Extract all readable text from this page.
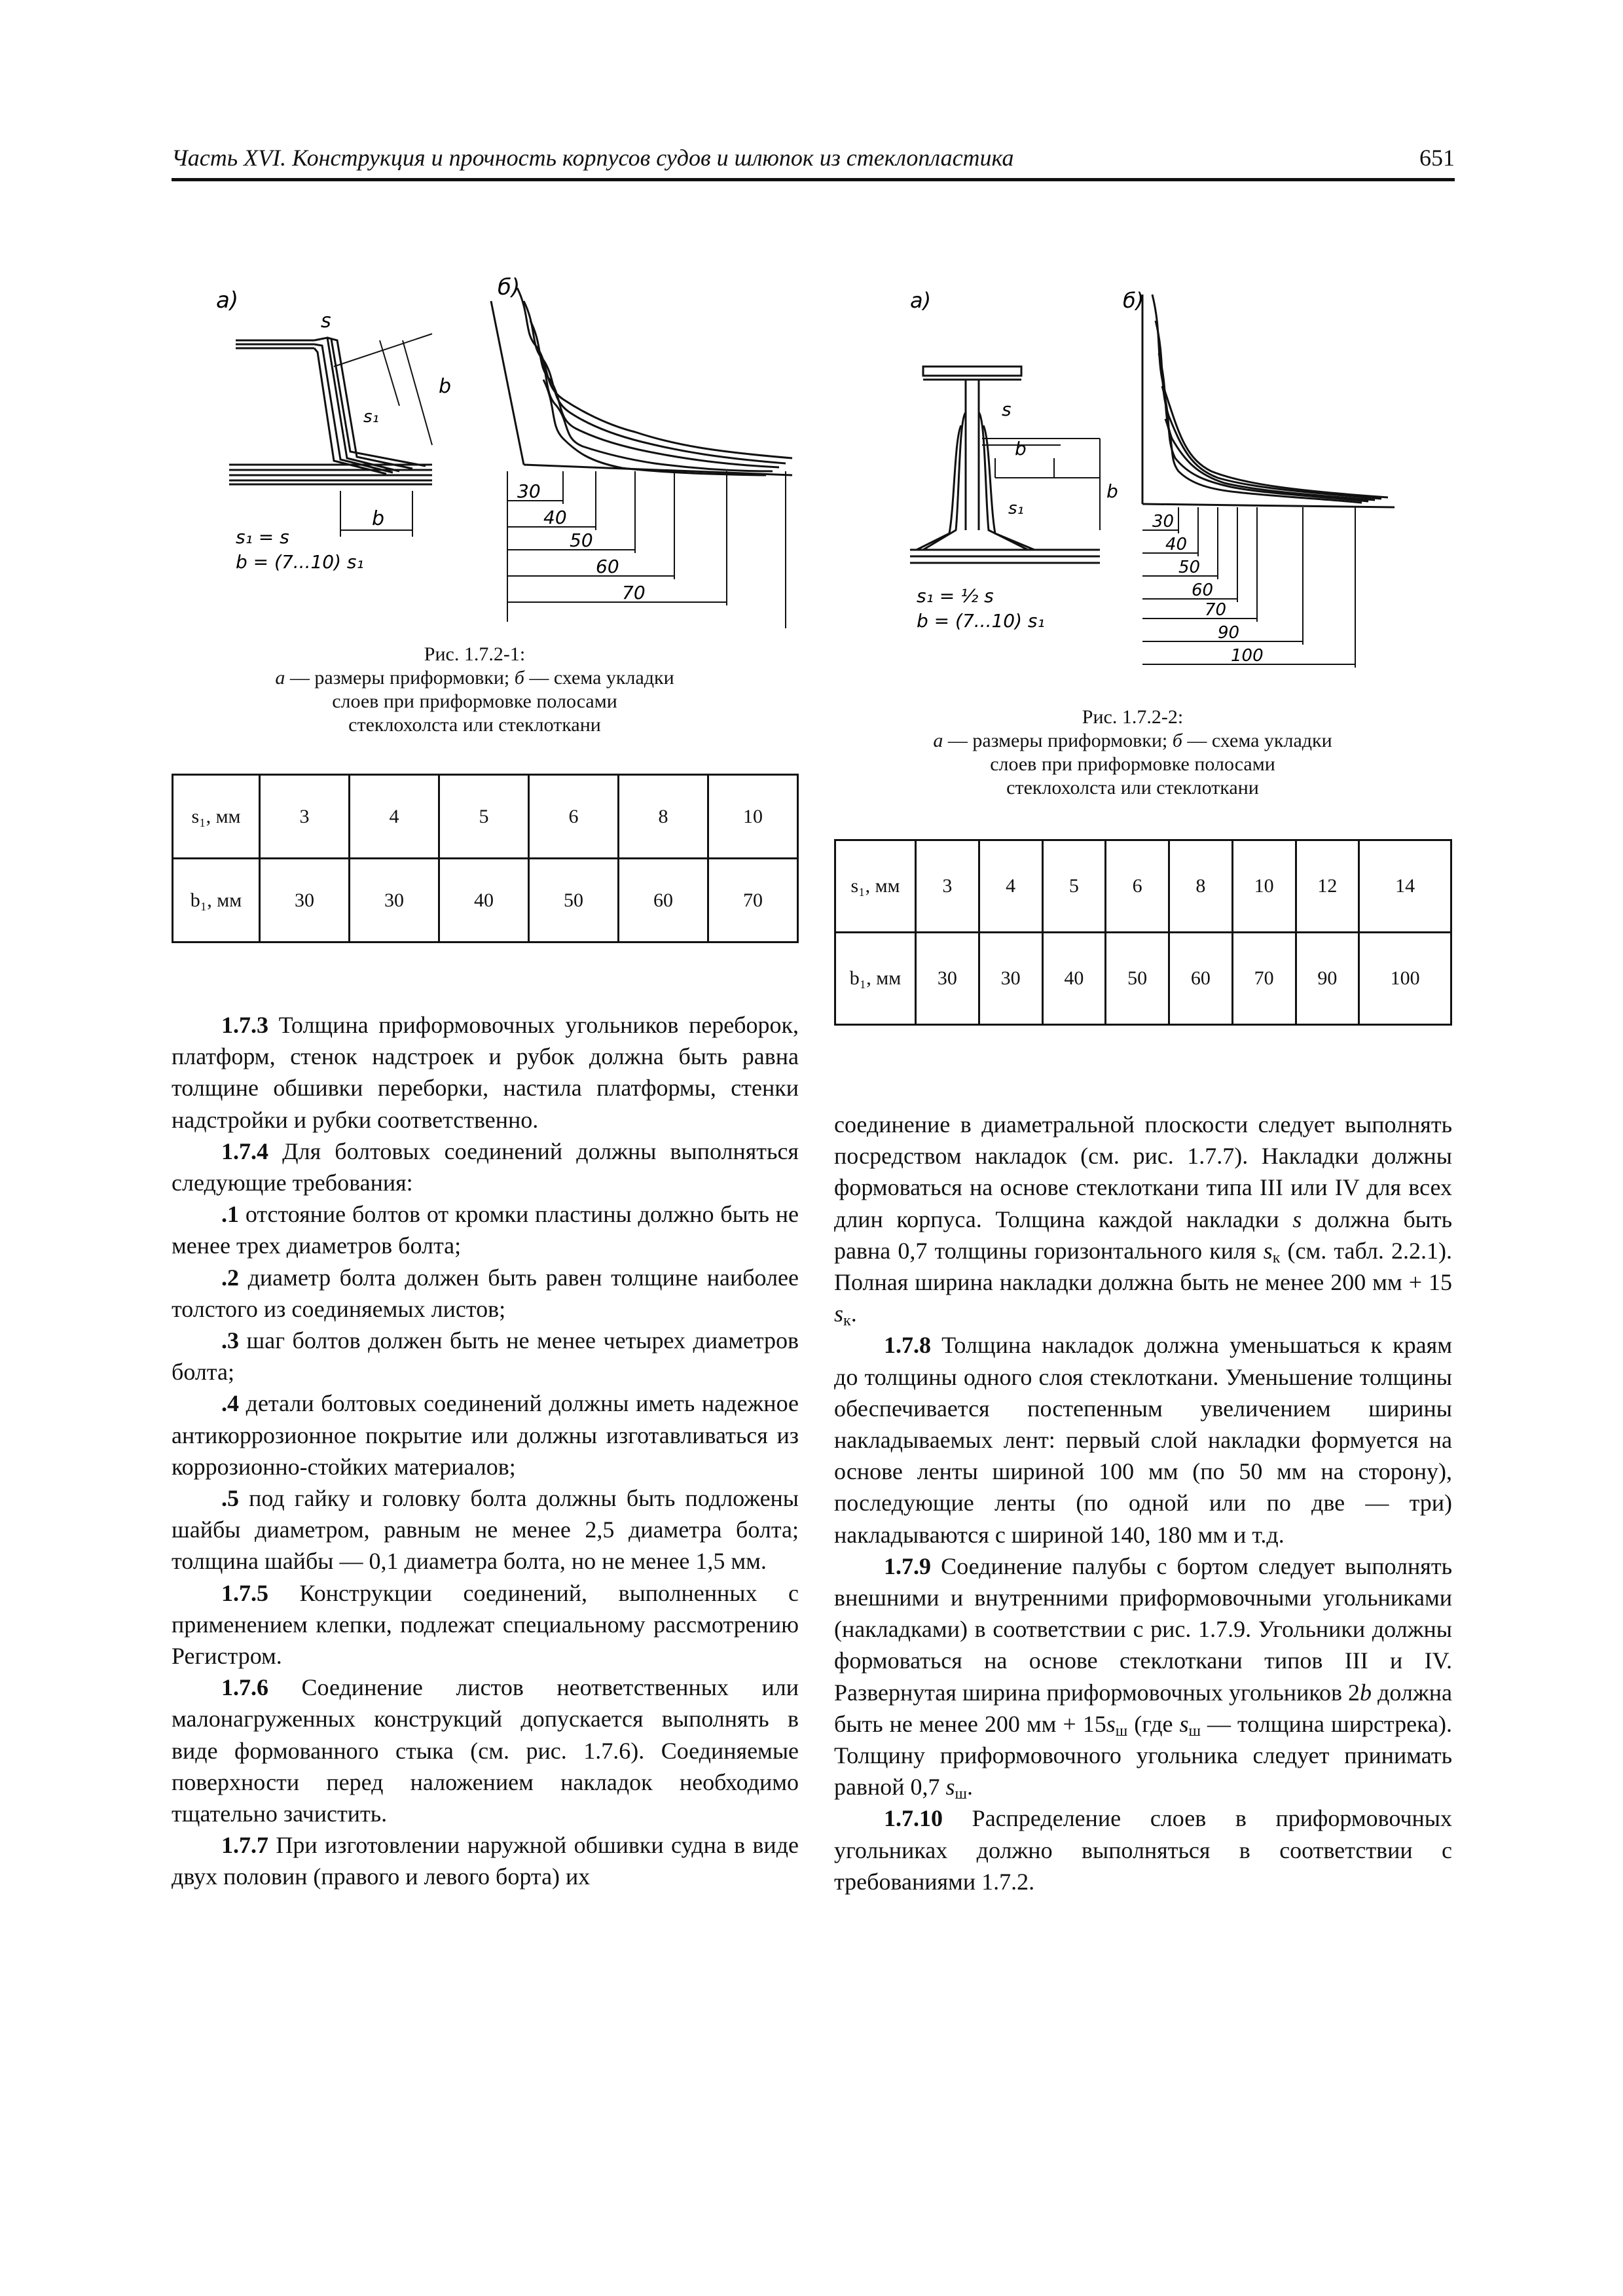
Часть XVI. Конструкция и прочность корпусов судов и шлюпок из стеклопластика	651
а)
s
b
s₁
b
s₁ = s
b = (7...10) s₁
б)
30
40
50
60
70
Рис. 1.7.2-1:
а — размеры приформовки; б — схема укладки
слоев при приформовке полосами
стеклохолста или стеклоткани
s₁, мм	3	4	5	6	8	10
b₁, мм	30	30	40	50	60	70
а)
s
b
b
s₁
s₁ = ½ s
b = (7...10) s₁
б)
30
40
50
60
70
90
100
Рис. 1.7.2-2:
а — размеры приформовки; б — схема укладки
слоев при приформовке полосами
стеклохолста или стеклоткани
s₁, мм	3	4	5	6	8	10	12	14
b₁, мм	30	30	40	50	60	70	90	100

1.7.3 Толщина приформовочных угольников переборок, платформ, стенок надстроек и рубок должна быть равна толщине обшивки переборки, настила платформы, стенки надстройки и рубки соответственно.

1.7.4 Для болтовых соединений должны выполняться следующие требования:

.1 отстояние болтов от кромки пластины должно быть не менее трех диаметров болта;

.2 диаметр болта должен быть равен толщине наиболее толстого из соединяемых листов;

.3 шаг болтов должен быть не менее четырех диаметров болта;

.4 детали болтовых соединений должны иметь надежное антикоррозионное покрытие или должны изготавливаться из коррозионно-стойких материалов;

.5 под гайку и головку болта должны быть подложены шайбы диаметром, равным не менее 2,5 диаметра болта; толщина шайбы — 0,1 диаметра болта, но не менее 1,5 мм.

1.7.5 Конструкции соединений, выполненных с применением клепки, подлежат специальному рассмотрению Регистром.

1.7.6 Соединение листов неответственных или малонагруженных конструкций допускается выполнять в виде формованного стыка (см. рис. 1.7.6). Соединяемые поверхности перед наложением накладок необходимо тщательно зачистить.

1.7.7 При изготовлении наружной обшивки судна в виде двух половин (правого и левого борта) их

соединение в диаметральной плоскости следует выполнять посредством накладок (см. рис. 1.7.7). Накладки должны формоваться на основе стеклоткани типа III или IV для всех длин корпуса. Толщина каждой накладки s должна быть равна 0,7 толщины горизонтального киля $s_к$ (см. табл. 2.2.1). Полная ширина накладки должна быть не менее 200 мм + 15 $s_к$.

1.7.8 Толщина накладок должна уменьшаться к краям до толщины одного слоя стеклоткани. Уменьшение толщины обеспечивается постепенным увеличением ширины накладываемых лент: первый слой накладки формуется на основе ленты шириной 100 мм (по 50 мм на сторону), последующие ленты (по одной или по две — три) накладываются с шириной 140, 180 мм и т.д.

1.7.9 Соединение палубы с бортом следует выполнять внешними и внутренними приформовочными угольниками (накладками) в соответствии с рис. 1.7.9. Угольники должны формоваться на основе стеклоткани типов III и IV. Развернутая ширина приформовочных угольников 2b должна быть не менее 200 мм + $15s_ш$ (где $s_ш$ — толщина ширстрека). Толщину приформовочного угольника следует принимать равной 0,7 $s_ш$.

1.7.10 Распределение слоев в приформовочных угольниках должно выполняться в соответствии с требованиями 1.7.2.
